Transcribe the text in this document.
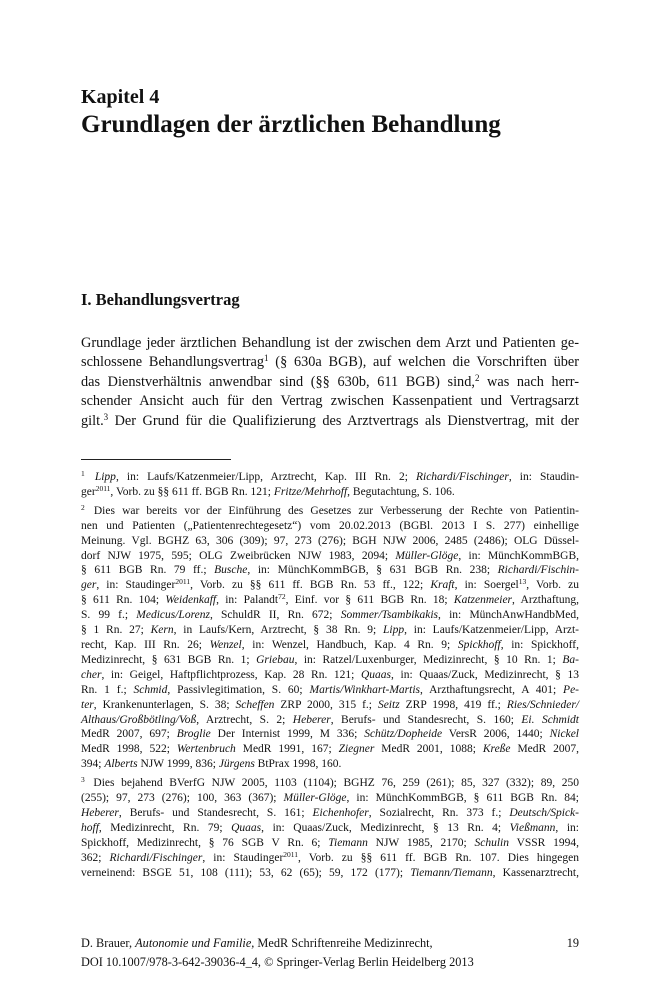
Kapitel 4
Grundlagen der ärztlichen Behandlung
I. Behandlungsvertrag
Grundlage jeder ärztlichen Behandlung ist der zwischen dem Arzt und Patienten ge-
schlossene Behandlungsvertrag$^1$ (§ 630a BGB), auf welchen die Vorschriften über
das Dienstverhältnis anwendbar sind (§§ 630b, 611 BGB) sind,$^2$ was nach herr-
schender Ansicht auch für den Vertrag zwischen Kassenpatient und Vertragsarzt
gilt.$^3$ Der Grund für die Qualifizierung des Arztvertrags als Dienstvertrag, mit der
$^1$ Lipp, in: Laufs/Katzenmeier/Lipp, Arztrecht, Kap. III Rn. 2; Richardi/Fischinger, in: Staudin-
ger$^{2011}$, Vorb. zu §§ 611 ff. BGB Rn. 121; Fritze/Mehrhoff, Begutachtung, S. 106.
$^2$ Dies war bereits vor der Einführung des Gesetzes zur Verbesserung der Rechte von Patientin-
nen und Patienten („Patientenrechtegesetz“) vom 20.02.2013 (BGBl. 2013 I S. 277) einhellige
Meinung. Vgl. BGHZ 63, 306 (309); 97, 273 (276); BGH NJW 2006, 2485 (2486); OLG Düssel-
dorf NJW 1975, 595; OLG Zweibrücken NJW 1983, 2094; Müller-Glöge, in: MünchKommBGB,
§ 611 BGB Rn. 79 ff.; Busche, in: MünchKommBGB, § 631 BGB Rn. 238; Richardi/Fischin-
ger, in: Staudinger$^{2011}$, Vorb. zu §§ 611 ff. BGB Rn. 53 ff., 122; Kraft, in: Soergel$^{13}$, Vorb. zu
§ 611 Rn. 104; Weidenkaff, in: Palandt$^{72}$, Einf. vor § 611 BGB Rn. 18; Katzenmeier, Arzthaftung,
S. 99 f.; Medicus/Lorenz, SchuldR II, Rn. 672; Sommer/Tsambikakis, in: MünchAnwHandbMed,
§ 1 Rn. 27; Kern, in Laufs/Kern, Arztrecht, § 38 Rn. 9; Lipp, in: Laufs/Katzenmeier/Lipp, Arzt-
recht, Kap. III Rn. 26; Wenzel, in: Wenzel, Handbuch, Kap. 4 Rn. 9; Spickhoff, in: Spickhoff,
Medizinrecht, § 631 BGB Rn. 1; Griebau, in: Ratzel/Luxenburger, Medizinrecht, § 10 Rn. 1; Ba-
cher, in: Geigel, Haftpflichtprozess, Kap. 28 Rn. 121; Quaas, in: Quaas/Zuck, Medizinrecht, § 13
Rn. 1 f.; Schmid, Passivlegitimation, S. 60; Martis/Winkhart-Martis, Arzthaftungsrecht, A 401; Pe-
ter, Krankenunterlagen, S. 38; Scheffen ZRP 2000, 315 f.; Seitz ZRP 1998, 419 ff.; Ries/Schnieder/
Althaus/Großbötling/Voß, Arztrecht, S. 2; Heberer, Berufs- und Standesrecht, S. 160; Ei. Schmidt
MedR 2007, 697; Broglie Der Internist 1999, M 336; Schütz/Dopheide VersR 2006, 1440; Nickel
MedR 1998, 522; Wertenbruch MedR 1991, 167; Ziegner MedR 2001, 1088; Kreße MedR 2007,
394; Alberts NJW 1999, 836; Jürgens BtPrax 1998, 160.
$^3$ Dies bejahend BVerfG NJW 2005, 1103 (1104); BGHZ 76, 259 (261); 85, 327 (332); 89, 250
(255); 97, 273 (276); 100, 363 (367); Müller-Glöge, in: MünchKommBGB, § 611 BGB Rn. 84;
Heberer, Berufs- und Standesrecht, S. 161; Eichenhofer, Sozialrecht, Rn. 373 f.; Deutsch/Spick-
hoff, Medizinrecht, Rn. 79; Quaas, in: Quaas/Zuck, Medizinrecht, § 13 Rn. 4; Vießmann, in:
Spickhoff, Medizinrecht, § 76 SGB V Rn. 6; Tiemann NJW 1985, 2170; Schulin VSSR 1994,
362; Richardi/Fischinger, in: Staudinger$^{2011}$, Vorb. zu §§ 611 ff. BGB Rn. 107. Dies hingegen
verneinend: BSGE 51, 108 (111); 53, 62 (65); 59, 172 (177); Tiemann/Tiemann, Kassenarztrecht,
D. Brauer, Autonomie und Familie, MedR Schriftenreihe Medizinrecht,
DOI 10.1007/978-3-642-39036-4_4, © Springer-Verlag Berlin Heidelberg 2013
19
